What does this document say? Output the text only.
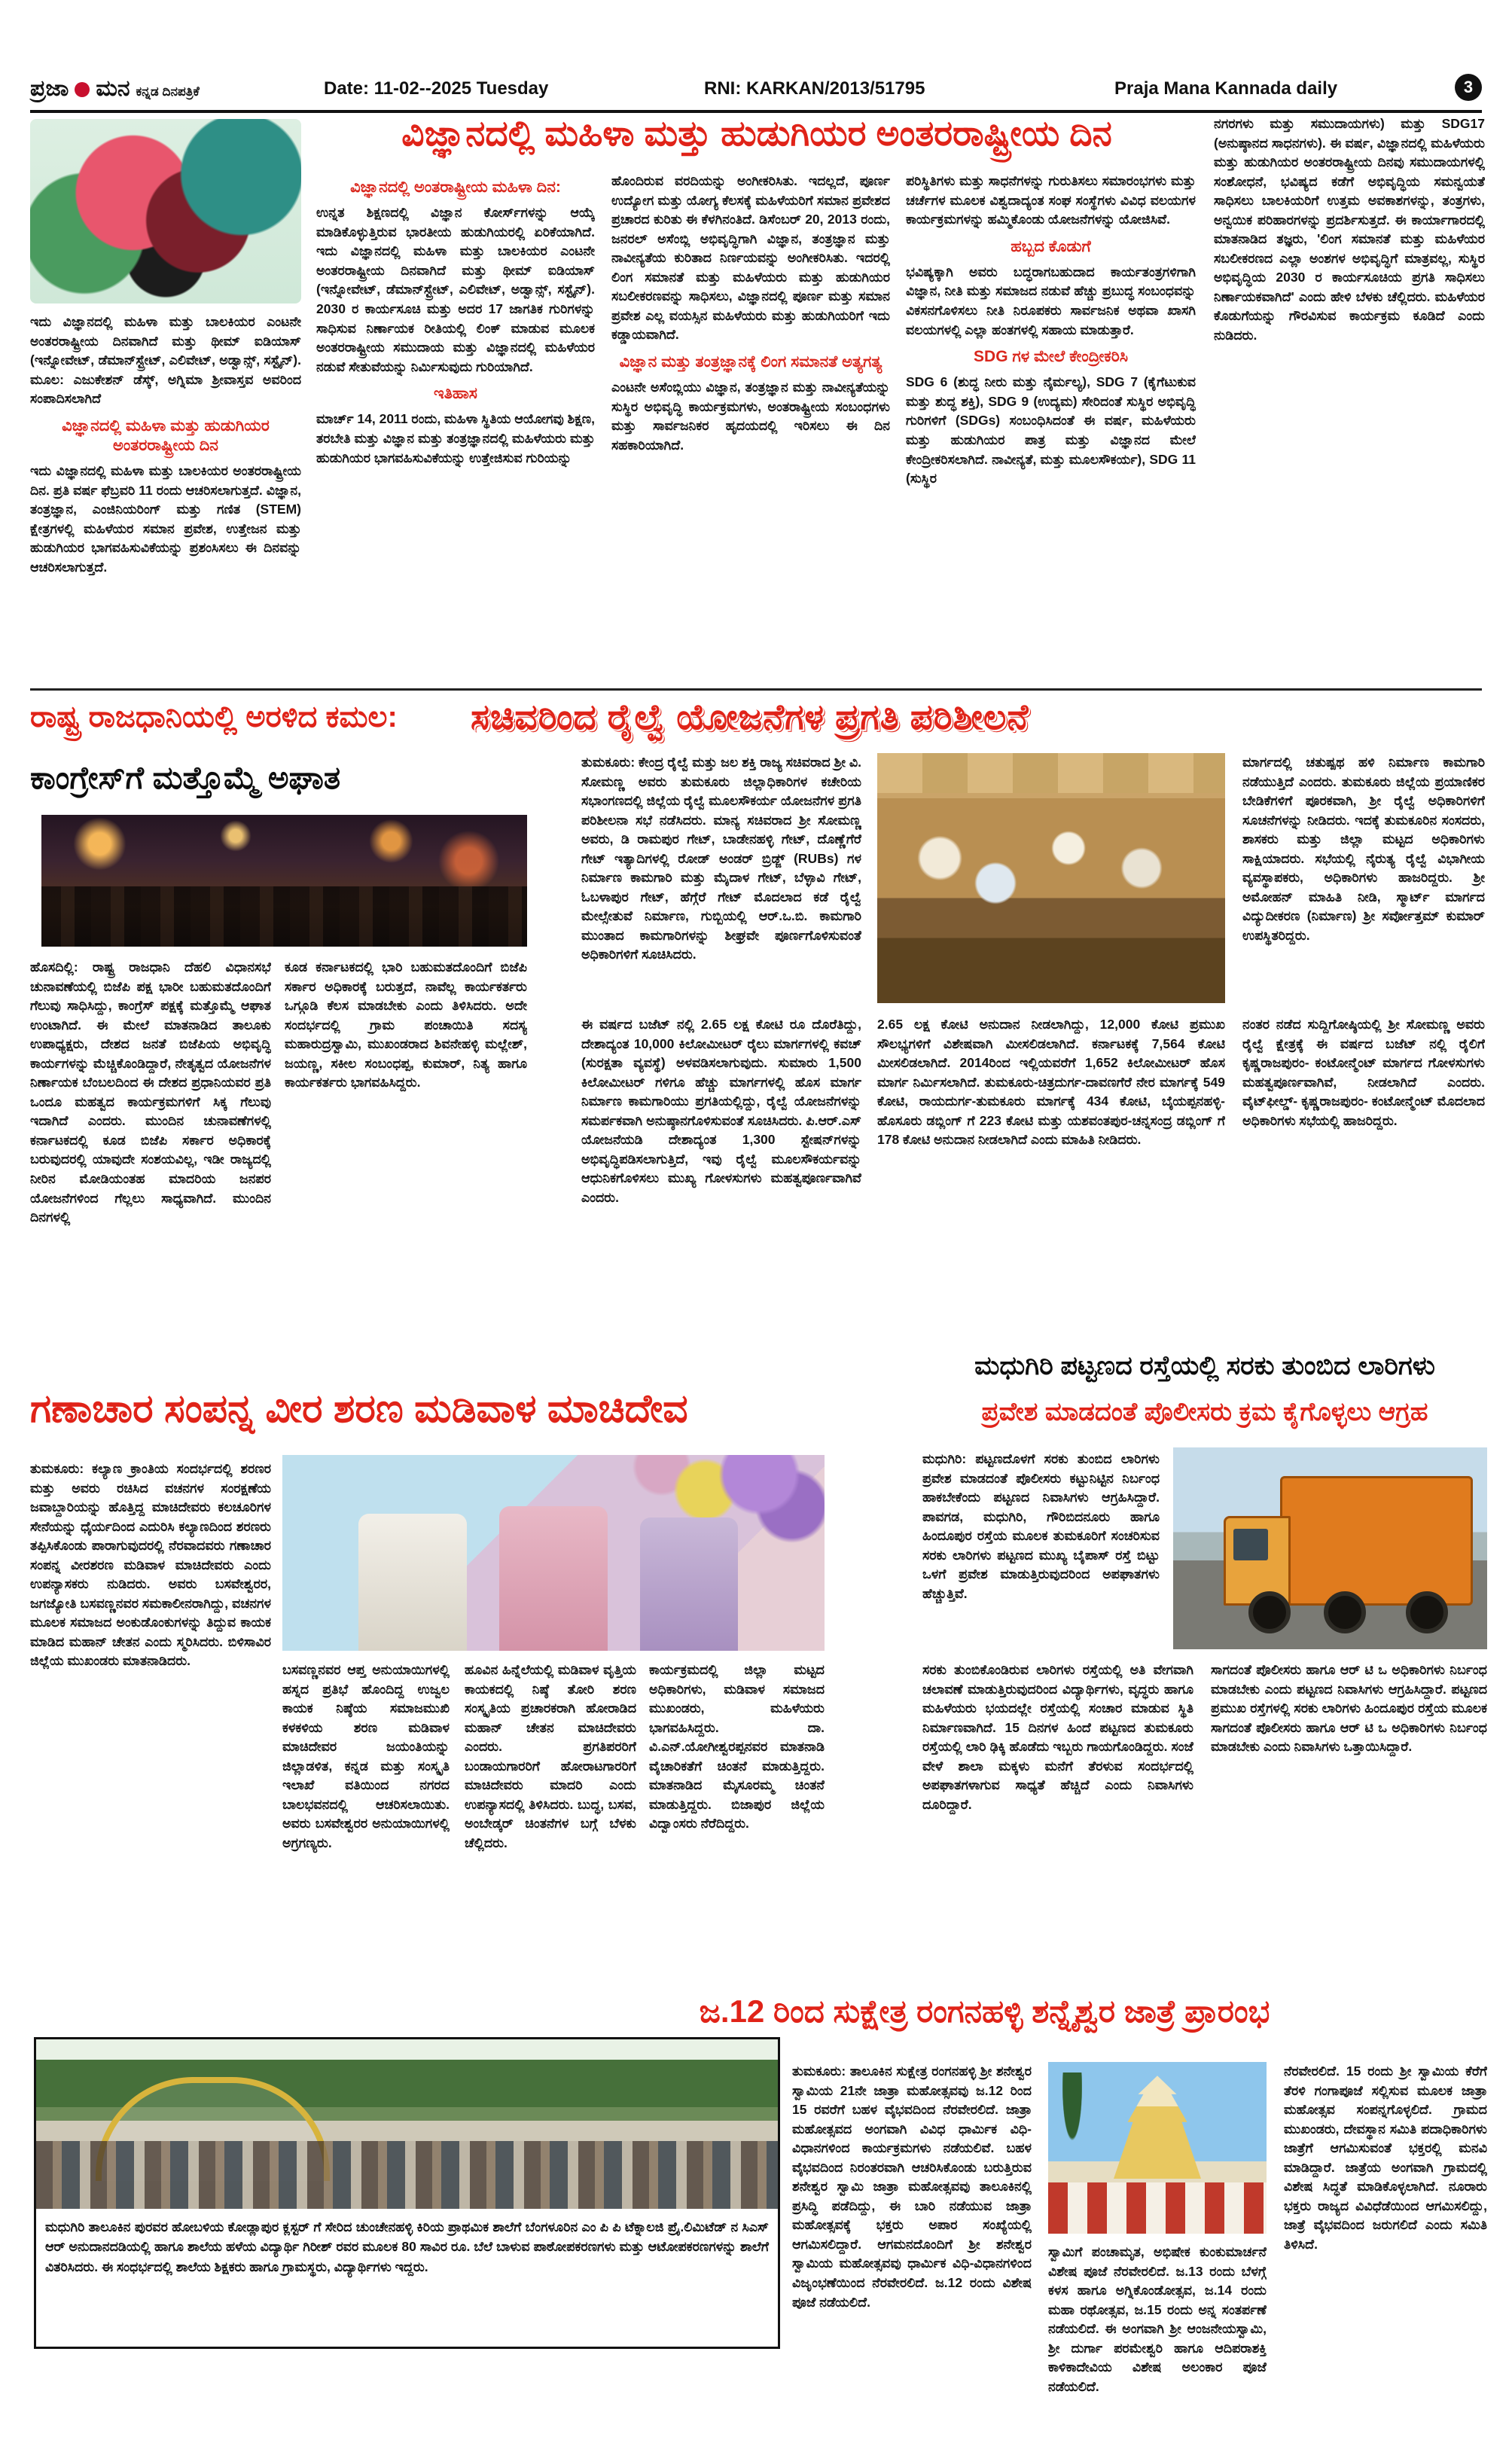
ಪ್ರಜಾ ಮನ ಕನ್ನಡ ದಿನಪತ್ರಿಕೆ	Date: 11-02--2025 Tuesday	RNI: KARKAN/2013/51795	Praja Mana Kannada daily	3
ವಿಜ್ಞಾನದಲ್ಲಿ ಮಹಿಳಾ ಮತ್ತು ಹುಡುಗಿಯರ ಅಂತರರಾಷ್ಟ್ರೀಯ ದಿನ

ಇದು ವಿಜ್ಞಾನದಲ್ಲಿ ಮಹಿಳಾ ಮತ್ತು ಬಾಲಕಿಯರ ಎಂಟನೇ ಅಂತರರಾಷ್ಟ್ರೀಯ ದಿನವಾಗಿದೆ ಮತ್ತು ಥೀಮ್ ಐಡಿಯಾಸ್ (ಇನ್ನೋವೇಟ್, ಡೆಮಾನ್‌ಸ್ಟ್ರೇಟ್, ಎಲಿವೇಟ್, ಅಡ್ವಾನ್ಸ್, ಸಸ್ಟೈನ್). ಮೂಲ: ಎಜುಕೇಶನ್ ಡೆಸ್ಕ್, ಅಗ್ನಿಮಾ ಶ್ರೀವಾಸ್ತವ ಅವರಿಂದ ಸಂಪಾದಿಸಲಾಗಿದೆ

ವಿಜ್ಞಾನದಲ್ಲಿ ಮಹಿಳಾ ಮತ್ತು ಹುಡುಗಿಯರ ಅಂತರರಾಷ್ಟ್ರೀಯ ದಿನ

ಇದು ವಿಜ್ಞಾನದಲ್ಲಿ ಮಹಿಳಾ ಮತ್ತು ಬಾಲಕಿಯರ ಅಂತರರಾಷ್ಟ್ರೀಯ ದಿನ. ಪ್ರತಿ ವರ್ಷ ಫೆಬ್ರವರಿ 11 ರಂದು ಆಚರಿಸಲಾಗುತ್ತದೆ. ವಿಜ್ಞಾನ, ತಂತ್ರಜ್ಞಾನ, ಎಂಜಿನಿಯರಿಂಗ್ ಮತ್ತು ಗಣಿತ (STEM) ಕ್ಷೇತ್ರಗಳಲ್ಲಿ ಮಹಿಳೆಯರ ಸಮಾನ ಪ್ರವೇಶ, ಉತ್ತೇಜನ ಮತ್ತು ಹುಡುಗಿಯರ ಭಾಗವಹಿಸುವಿಕೆಯನ್ನು ಪ್ರಶಂಸಿಸಲು ಈ ದಿನವನ್ನು ಆಚರಿಸಲಾಗುತ್ತದೆ.

ವಿಜ್ಞಾನದಲ್ಲಿ ಅಂತರಾಷ್ಟ್ರೀಯ ಮಹಿಳಾ ದಿನ:

ಉನ್ನತ ಶಿಕ್ಷಣದಲ್ಲಿ ವಿಜ್ಞಾನ ಕೋರ್ಸ್‌ಗಳನ್ನು ಆಯ್ಕೆ ಮಾಡಿಕೊಳ್ಳುತ್ತಿರುವ ಭಾರತೀಯ ಹುಡುಗಿಯರಲ್ಲಿ ಏರಿಕೆಯಾಗಿದೆ. ಇದು ವಿಜ್ಞಾನದಲ್ಲಿ ಮಹಿಳಾ ಮತ್ತು ಬಾಲಕಿಯರ ಎಂಟನೇ ಅಂತರರಾಷ್ಟ್ರೀಯ ದಿನವಾಗಿದೆ ಮತ್ತು ಥೀಮ್ ಐಡಿಯಾಸ್ (ಇನ್ನೋವೇಟ್, ಡೆಮಾನ್‌ಸ್ಟ್ರೇಟ್, ಎಲಿವೇಟ್, ಅಡ್ವಾನ್ಸ್, ಸಸ್ಟೈನ್). 2030 ರ ಕಾರ್ಯಸೂಚಿ ಮತ್ತು ಅದರ 17 ಜಾಗತಿಕ ಗುರಿಗಳನ್ನು ಸಾಧಿಸುವ ನಿರ್ಣಾಯಕ ರೀತಿಯಲ್ಲಿ ಲಿಂಕ್ ಮಾಡುವ ಮೂಲಕ ಅಂತರರಾಷ್ಟ್ರೀಯ ಸಮುದಾಯ ಮತ್ತು ವಿಜ್ಞಾನದಲ್ಲಿ ಮಹಿಳೆಯರ ನಡುವೆ ಸೇತುವೆಯನ್ನು ನಿರ್ಮಿಸುವುದು ಗುರಿಯಾಗಿದೆ.

ಇತಿಹಾಸ

ಮಾರ್ಚ್ 14, 2011 ರಂದು, ಮಹಿಳಾ ಸ್ಥಿತಿಯ ಆಯೋಗವು ಶಿಕ್ಷಣ, ತರಬೇತಿ ಮತ್ತು ವಿಜ್ಞಾನ ಮತ್ತು ತಂತ್ರಜ್ಞಾನದಲ್ಲಿ ಮಹಿಳೆಯರು ಮತ್ತು ಹುಡುಗಿಯರ ಭಾಗವಹಿಸುವಿಕೆಯನ್ನು ಉತ್ತೇಜಿಸುವ ಗುರಿಯನ್ನು

ಹೊಂದಿರುವ ವರದಿಯನ್ನು ಅಂಗೀಕರಿಸಿತು. ಇದಲ್ಲದೆ, ಪೂರ್ಣ ಉದ್ಯೋಗ ಮತ್ತು ಯೋಗ್ಯ ಕೆಲಸಕ್ಕೆ ಮಹಿಳೆಯರಿಗೆ ಸಮಾನ ಪ್ರವೇಶದ ಪ್ರಚಾರದ ಕುರಿತು ಈ ಕೆಳಗಿನಂತಿದೆ. ಡಿಸೆಂಬರ್ 20, 2013 ರಂದು, ಜನರಲ್ ಅಸೆಂಬ್ಲಿ ಅಭಿವೃದ್ಧಿಗಾಗಿ ವಿಜ್ಞಾನ, ತಂತ್ರಜ್ಞಾನ ಮತ್ತು ನಾವೀನ್ಯತೆಯ ಕುರಿತಾದ ನಿರ್ಣಯವನ್ನು ಅಂಗೀಕರಿಸಿತು. ಇದರಲ್ಲಿ ಲಿಂಗ ಸಮಾನತೆ ಮತ್ತು ಮಹಿಳೆಯರು ಮತ್ತು ಹುಡುಗಿಯರ ಸಬಲೀಕರಣವನ್ನು ಸಾಧಿಸಲು, ವಿಜ್ಞಾನದಲ್ಲಿ ಪೂರ್ಣ ಮತ್ತು ಸಮಾನ ಪ್ರವೇಶ ಎಲ್ಲ ವಯಸ್ಸಿನ ಮಹಿಳೆಯರು ಮತ್ತು ಹುಡುಗಿಯರಿಗೆ ಇದು ಕಡ್ಡಾಯವಾಗಿದೆ.

ವಿಜ್ಞಾನ ಮತ್ತು ತಂತ್ರಜ್ಞಾನಕ್ಕೆ ಲಿಂಗ ಸಮಾನತೆ ಅತ್ಯಗತ್ಯ

ಎಂಟನೇ ಅಸೆಂಬ್ಲಿಯು ವಿಜ್ಞಾನ, ತಂತ್ರಜ್ಞಾನ ಮತ್ತು ನಾವೀನ್ಯತೆಯನ್ನು ಸುಸ್ಥಿರ ಅಭಿವೃದ್ಧಿ ಕಾರ್ಯಕ್ರಮಗಳು, ಅಂತರಾಷ್ಟ್ರೀಯ ಸಂಬಂಧಗಳು ಮತ್ತು ಸಾರ್ವಜನಿಕರ ಹೃದಯದಲ್ಲಿ ಇರಿಸಲು ಈ ದಿನ ಸಹಕಾರಿಯಾಗಿದೆ.

ಪರಿಸ್ಥಿತಿಗಳು ಮತ್ತು ಸಾಧನೆಗಳನ್ನು ಗುರುತಿಸಲು ಸಮಾರಂಭಗಳು ಮತ್ತು ಚರ್ಚೆಗಳ ಮೂಲಕ ವಿಶ್ವದಾದ್ಯಂತ ಸಂಘ ಸಂಸ್ಥೆಗಳು ವಿವಿಧ ವಲಯಗಳ ಕಾರ್ಯಕ್ರಮಗಳನ್ನು ಹಮ್ಮಿಕೊಂಡು ಯೋಜನೆಗಳನ್ನು ಯೋಜಿಸಿವೆ.

ಹಬ್ಬದ ಕೊಡುಗೆ

ಭವಿಷ್ಯಕ್ಕಾಗಿ ಅವರು ಬದ್ಧರಾಗಬಹುದಾದ ಕಾರ್ಯತಂತ್ರಗಳಿಗಾಗಿ ವಿಜ್ಞಾನ, ನೀತಿ ಮತ್ತು ಸಮಾಜದ ನಡುವೆ ಹೆಚ್ಚು ಪ್ರಬುದ್ಧ ಸಂಬಂಧವನ್ನು ವಿಕಸನಗೊಳಿಸಲು ನೀತಿ ನಿರೂಪಕರು ಸಾರ್ವಜನಿಕ ಅಥವಾ ಖಾಸಗಿ ವಲಯಗಳಲ್ಲಿ ಎಲ್ಲಾ ಹಂತಗಳಲ್ಲಿ ಸಹಾಯ ಮಾಡುತ್ತಾರೆ.

SDG ಗಳ ಮೇಲೆ ಕೇಂದ್ರೀಕರಿಸಿ

SDG 6 (ಶುದ್ಧ ನೀರು ಮತ್ತು ನೈರ್ಮಲ್ಯ), SDG 7 (ಕೈಗೆಟುಕುವ ಮತ್ತು ಶುದ್ಧ ಶಕ್ತಿ), SDG 9 (ಉದ್ಯಮ) ಸೇರಿದಂತೆ ಸುಸ್ಥಿರ ಅಭಿವೃದ್ಧಿ ಗುರಿಗಳಿಗೆ (SDGs) ಸಂಬಂಧಿಸಿದಂತೆ ಈ ವರ್ಷ, ಮಹಿಳೆಯರು ಮತ್ತು ಹುಡುಗಿಯರ ಪಾತ್ರ ಮತ್ತು ವಿಜ್ಞಾನದ ಮೇಲೆ ಕೇಂದ್ರೀಕರಿಸಲಾಗಿದೆ. ನಾವೀನ್ಯತೆ, ಮತ್ತು ಮೂಲಸೌಕರ್ಯ), SDG 11 (ಸುಸ್ಥಿರ

ನಗರಗಳು ಮತ್ತು ಸಮುದಾಯಗಳು) ಮತ್ತು SDG17 (ಅನುಷ್ಠಾನದ ಸಾಧನಗಳು). ಈ ವರ್ಷ, ವಿಜ್ಞಾನದಲ್ಲಿ ಮಹಿಳೆಯರು ಮತ್ತು ಹುಡುಗಿಯರ ಅಂತರರಾಷ್ಟ್ರೀಯ ದಿನವು ಸಮುದಾಯಗಳಲ್ಲಿ ಸಂಶೋಧನೆ, ಭವಿಷ್ಯದ ಕಡೆಗೆ ಅಭಿವೃದ್ಧಿಯ ಸಮನ್ವಯತೆ ಸಾಧಿಸಲು ಬಾಲಕಿಯರಿಗೆ ಉತ್ತಮ ಅವಕಾಶಗಳನ್ನು, ತಂತ್ರಗಳು, ಅನ್ವಯಿಕ ಪರಿಹಾರಗಳನ್ನು ಪ್ರದರ್ಶಿಸುತ್ತದೆ. ಈ ಕಾರ್ಯಾಗಾರದಲ್ಲಿ ಮಾತನಾಡಿದ ತಜ್ಞರು, 'ಲಿಂಗ ಸಮಾನತೆ ಮತ್ತು ಮಹಿಳೆಯರ ಸಬಲೀಕರಣದ ಎಲ್ಲಾ ಅಂಶಗಳ ಅಭಿವೃದ್ಧಿಗೆ ಮಾತ್ರವಲ್ಲ, ಸುಸ್ಥಿರ ಅಭಿವೃದ್ಧಿಯ 2030 ರ ಕಾರ್ಯಸೂಚಿಯ ಪ್ರಗತಿ ಸಾಧಿಸಲು ನಿರ್ಣಾಯಕವಾಗಿದೆ' ಎಂದು ಹೇಳಿ ಬೆಳಕು ಚೆಲ್ಲಿದರು. ಮಹಿಳೆಯರ ಕೊಡುಗೆಯನ್ನು ಗೌರವಿಸುವ ಕಾರ್ಯಕ್ರಮ ಕೂಡಿದೆ ಎಂದು ನುಡಿದರು.

ರಾಷ್ಟ್ರ ರಾಜಧಾನಿಯಲ್ಲಿ ಅರಳಿದ ಕಮಲ:	ಸಚಿವರಿಂದ ರೈಲ್ವೆ ಯೋಜನೆಗಳ ಪ್ರಗತಿ ಪರಿಶೀಲನೆ
ಕಾಂಗ್ರೇಸ್‌ಗೆ ಮತ್ತೊಮ್ಮೆ ಅಘಾತ

ಹೊಸದಿಲ್ಲಿ: ರಾಷ್ಟ್ರ ರಾಜಧಾನಿ ದೆಹಲಿ ವಿಧಾನಸಭೆ ಚುನಾವಣೆಯಲ್ಲಿ ಬಿಜೆಪಿ ಪಕ್ಷ ಭಾರೀ ಬಹುಮತದೊಂದಿಗೆ ಗೆಲುವು ಸಾಧಿಸಿದ್ದು, ಕಾಂಗ್ರೆಸ್ ಪಕ್ಷಕ್ಕೆ ಮತ್ತೊಮ್ಮೆ ಆಘಾತ ಉಂಟಾಗಿದೆ. ಈ ಮೇಲೆ ಮಾತನಾಡಿದ ತಾಲೂಕು ಉಪಾಧ್ಯಕ್ಷರು, ದೇಶದ ಜನತೆ ಬಿಜೆಪಿಯ ಅಭಿವೃದ್ಧಿ ಕಾರ್ಯಗಳನ್ನು ಮೆಚ್ಚಿಕೊಂಡಿದ್ದಾರೆ, ನೇತೃತ್ವದ ಯೋಜನೆಗಳ ನಿರ್ಣಾಯಕ ಬೆಂಬಲದಿಂದ ಈ ದೇಶದ ಪ್ರಧಾನಿಯವರ ಪ್ರತಿ ಒಂದೂ ಮಹತ್ವದ ಕಾರ್ಯಕ್ರಮಗಳಿಗೆ ಸಿಕ್ಕ ಗೆಲುವು ಇದಾಗಿದೆ ಎಂದರು. ಮುಂದಿನ ಚುನಾವಣೆಗಳಲ್ಲಿ ಕರ್ನಾಟಕದಲ್ಲಿ ಕೂಡ ಬಿಜೆಪಿ ಸರ್ಕಾರ ಅಧಿಕಾರಕ್ಕೆ ಬರುವುದರಲ್ಲಿ ಯಾವುದೇ ಸಂಶಯವಿಲ್ಲ, ಇಡೀ ರಾಜ್ಯದಲ್ಲಿ ನೀರಿನ ಮೋಡಿಯಂತಹ ಮಾದರಿಯ ಜನಪರ ಯೋಜನೆಗಳಿಂದ ಗೆಲ್ಲಲು ಸಾಧ್ಯವಾಗಿದೆ. ಮುಂದಿನ ದಿನಗಳಲ್ಲಿ

ಕೂಡ ಕರ್ನಾಟಕದಲ್ಲಿ ಭಾರಿ ಬಹುಮತದೊಂದಿಗೆ ಬಿಜೆಪಿ ಸರ್ಕಾರ ಅಧಿಕಾರಕ್ಕೆ ಬರುತ್ತದೆ, ನಾವೆಲ್ಲ ಕಾರ್ಯಕರ್ತರು ಒಗ್ಗೂಡಿ ಕೆಲಸ ಮಾಡಬೇಕು ಎಂದು ತಿಳಿಸಿದರು. ಅದೇ ಸಂದರ್ಭದಲ್ಲಿ ಗ್ರಾಮ ಪಂಚಾಯಿತಿ ಸದಸ್ಯ ಮಹಾರುದ್ರಸ್ವಾಮಿ, ಮುಖಂಡರಾದ ಶಿವನೇಹಳ್ಳಿ ಮಲ್ಲೇಶ್, ಜಯಣ್ಣ, ಸಕೀಲ ಸಂಬಂಧಪ್ಪ, ಕುಮಾರ್, ನಿತ್ಯ ಹಾಗೂ ಕಾರ್ಯಕರ್ತರು ಭಾಗವಹಿಸಿದ್ದರು.

ತುಮಕೂರು: ಕೇಂದ್ರ ರೈಲ್ವೆ ಮತ್ತು ಜಲ ಶಕ್ತಿ ರಾಜ್ಯ ಸಚಿವರಾದ ಶ್ರೀ ವಿ. ಸೋಮಣ್ಣ ಅವರು ತುಮಕೂರು ಜಿಲ್ಲಾಧಿಕಾರಿಗಳ ಕಚೇರಿಯ ಸಭಾಂಗಣದಲ್ಲಿ ಜಿಲ್ಲೆಯ ರೈಲ್ವೆ ಮೂಲಸೌಕರ್ಯ ಯೋಜನೆಗಳ ಪ್ರಗತಿ ಪರಿಶೀಲನಾ ಸಭೆ ನಡೆಸಿದರು. ಮಾನ್ಯ ಸಚಿವರಾದ ಶ್ರೀ ಸೋಮಣ್ಣ ಅವರು, ಡಿ ರಾಮಪುರ ಗೇಟ್, ಬಾಡೇನಹಳ್ಳಿ ಗೇಟ್, ದೊಣ್ಣೆಗೆರೆ ಗೇಟ್ ಇತ್ಯಾದಿಗಳಲ್ಲಿ ರೋಡ್ ಅಂಡರ್ ಬ್ರಿಡ್ಜ್ (RUBs) ಗಳ ನಿರ್ಮಾಣ ಕಾಮಗಾರಿ ಮತ್ತು ಮೈದಾಳ ಗೇಟ್, ಬೆಳ್ಳಾವಿ ಗೇಟ್, ಓಬಳಾಪುರ ಗೇಟ್, ಹೆಗ್ಗೆರೆ ಗೇಟ್ ಮೊದಲಾದ ಕಡೆ ರೈಲ್ವೆ ಮೇಲ್ಸೇತುವೆ ನಿರ್ಮಾಣ, ಗುಬ್ಬಿಯಲ್ಲಿ ಆರ್.ಒ.ಬಿ. ಕಾಮಗಾರಿ ಮುಂತಾದ ಕಾಮಗಾರಿಗಳನ್ನು ಶೀಘ್ರವೇ ಪೂರ್ಣಗೊಳಿಸುವಂತೆ ಅಧಿಕಾರಿಗಳಿಗೆ ಸೂಚಿಸಿದರು.

ಮಾರ್ಗದಲ್ಲಿ ಚತುಷ್ಪಥ ಹಳಿ ನಿರ್ಮಾಣ ಕಾಮಗಾರಿ ನಡೆಯುತ್ತಿದೆ ಎಂದರು. ತುಮಕೂರು ಜಿಲ್ಲೆಯ ಪ್ರಯಾಣಿಕರ ಬೇಡಿಕೆಗಳಿಗೆ ಪೂರಕವಾಗಿ, ಶ್ರೀ ರೈಲ್ವೆ ಅಧಿಕಾರಿಗಳಿಗೆ ಸೂಚನೆಗಳನ್ನು ನೀಡಿದರು. ಇದಕ್ಕೆ ತುಮಕೂರಿನ ಸಂಸದರು, ಶಾಸಕರು ಮತ್ತು ಜಿಲ್ಲಾ ಮಟ್ಟದ ಅಧಿಕಾರಿಗಳು ಸಾಕ್ಷಿಯಾದರು. ಸಭೆಯಲ್ಲಿ ನೈರುತ್ಯ ರೈಲ್ವೆ ವಿಭಾಗೀಯ ವ್ಯವಸ್ಥಾಪಕರು, ಅಧಿಕಾರಿಗಳು ಹಾಜರಿದ್ದರು. ಶ್ರೀ ಅಮೋಹನ್ ಮಾಹಿತಿ ನೀಡಿ, ಸ್ಮಾರ್ಟ್ ಮಾರ್ಗದ ವಿದ್ಯುದೀಕರಣ (ನಿರ್ಮಾಣ) ಶ್ರೀ ಸರ್ವೋತ್ತಮ್ ಕುಮಾರ್ ಉಪಸ್ಥಿತರಿದ್ದರು.

ಈ ವರ್ಷದ ಬಜೆಟ್ ನಲ್ಲಿ 2.65 ಲಕ್ಷ ಕೋಟಿ ರೂ ದೊರೆತಿದ್ದು, ದೇಶಾದ್ಯಂತ 10,000 ಕಿಲೋಮೀಟರ್ ರೈಲು ಮಾರ್ಗಗಳಲ್ಲಿ ಕವಚ್ (ಸುರಕ್ಷತಾ ವ್ಯವಸ್ಥೆ) ಅಳವಡಿಸಲಾಗುವುದು. ಸುಮಾರು 1,500 ಕಿಲೋಮೀಟರ್ ಗಳಿಗೂ ಹೆಚ್ಚು ಮಾರ್ಗಗಳಲ್ಲಿ ಹೊಸ ಮಾರ್ಗ ನಿರ್ಮಾಣ ಕಾಮಗಾರಿಯು ಪ್ರಗತಿಯಲ್ಲಿದ್ದು, ರೈಲ್ವೆ ಯೋಜನೆಗಳನ್ನು ಸಮರ್ಪಕವಾಗಿ ಅನುಷ್ಠಾನಗೊಳಿಸುವಂತೆ ಸೂಚಿಸಿದರು. ಪಿ.ಆರ್.ಎಸ್ ಯೋಜನೆಯಡಿ ದೇಶಾದ್ಯಂತ 1,300 ಸ್ಟೇಷನ್‌ಗಳನ್ನು ಅಭಿವೃದ್ಧಿಪಡಿಸಲಾಗುತ್ತಿದೆ, ಇವು ರೈಲ್ವೆ ಮೂಲಸೌಕರ್ಯವನ್ನು ಆಧುನಿಕಗೊಳಿಸಲು ಮುಖ್ಯ ಗೋಳಸುಗಳು ಮಹತ್ವಪೂರ್ಣವಾಗಿವೆ ಎಂದರು.

2.65 ಲಕ್ಷ ಕೋಟಿ ಅನುದಾನ ನೀಡಲಾಗಿದ್ದು, 12,000 ಕೋಟಿ ಪ್ರಮುಖ ಸೌಲಭ್ಯಗಳಿಗೆ ವಿಶೇಷವಾಗಿ ಮೀಸಲಿಡಲಾಗಿದೆ. ಕರ್ನಾಟಕಕ್ಕೆ 7,564 ಕೋಟಿ ಮೀಸಲಿಡಲಾಗಿದೆ. 2014ರಿಂದ ಇಲ್ಲಿಯವರೆಗೆ 1,652 ಕಿಲೋಮೀಟರ್ ಹೊಸ ಮಾರ್ಗ ನಿರ್ಮಿಸಲಾಗಿದೆ. ತುಮಕೂರು-ಚಿತ್ರದುರ್ಗ-ದಾವಣಗೆರೆ ನೇರ ಮಾರ್ಗಕ್ಕೆ 549 ಕೋಟಿ, ರಾಯದುರ್ಗ-ತುಮಕೂರು ಮಾರ್ಗಕ್ಕೆ 434 ಕೋಟಿ, ಬೈಯಪ್ಪನಹಳ್ಳಿ-ಹೊಸೂರು ಡಬ್ಲಿಂಗ್ ಗೆ 223 ಕೋಟಿ ಮತ್ತು ಯಶವಂತಪುರ-ಚನ್ನಸಂದ್ರ ಡಬ್ಲಿಂಗ್ ಗೆ 178 ಕೋಟಿ ಅನುದಾನ ನೀಡಲಾಗಿದೆ ಎಂದು ಮಾಹಿತಿ ನೀಡಿದರು.

ನಂತರ ನಡೆದ ಸುದ್ದಿಗೋಷ್ಠಿಯಲ್ಲಿ ಶ್ರೀ ಸೋಮಣ್ಣ ಅವರು ರೈಲ್ವೆ ಕ್ಷೇತ್ರಕ್ಕೆ ಈ ವರ್ಷದ ಬಜೆಟ್ ನಲ್ಲಿ ರೈಲಿಗೆ ಕೃಷ್ಣರಾಜಪುರಂ- ಕಂಟೋನ್ಮೆಂಟ್ ಮಾರ್ಗದ ಗೋಳಸುಗಳು ಮಹತ್ವಪೂರ್ಣವಾಗಿವೆ, ನೀಡಲಾಗಿದೆ ಎಂದರು. ವೈಟ್‌ಫೀಲ್ಡ್- ಕೃಷ್ಣರಾಜಪುರಂ- ಕಂಟೋನ್ಮೆಂಟ್ ಮೊದಲಾದ ಅಧಿಕಾರಿಗಳು ಸಭೆಯಲ್ಲಿ ಹಾಜರಿದ್ದರು.

ಮಧುಗಿರಿ ಪಟ್ಟಣದ ರಸ್ತೆಯಲ್ಲಿ ಸರಕು ತುಂಬಿದ ಲಾರಿಗಳು
ಪ್ರವೇಶ ಮಾಡದಂತೆ ಪೊಲೀಸರು ಕ್ರಮ ಕೈಗೊಳ್ಳಲು ಆಗ್ರಹ
ಗಣಾಚಾರ ಸಂಪನ್ನ ವೀರ ಶರಣ ಮಡಿವಾಳ ಮಾಚಿದೇವ

ತುಮಕೂರು: ಕಲ್ಯಾಣ ಕ್ರಾಂತಿಯ ಸಂದರ್ಭದಲ್ಲಿ ಶರಣರ ಮತ್ತು ಅವರು ರಚಿಸಿದ ವಚನಗಳ ಸಂರಕ್ಷಣೆಯ ಜವಾಬ್ದಾರಿಯನ್ನು ಹೊತ್ತಿದ್ದ ಮಾಚಿದೇವರು ಕಲಚೂರಿಗಳ ಸೇನೆಯನ್ನು ಧೈರ್ಯದಿಂದ ಎದುರಿಸಿ ಕಲ್ಯಾಣದಿಂದ ಶರಣರು ತಪ್ಪಿಸಿಕೊಂಡು ಪಾರಾಗುವುದರಲ್ಲಿ ನೆರವಾದವರು ಗಣಾಚಾರ ಸಂಪನ್ನ ವೀರಶರಣ ಮಡಿವಾಳ ಮಾಚಿದೇವರು ಎಂದು ಉಪನ್ಯಾಸಕರು ನುಡಿದರು. ಅವರು ಬಸವೇಶ್ವರರ, ಜಗಜ್ಯೋತಿ ಬಸವಣ್ಣನವರ ಸಮಕಾಲೀನರಾಗಿದ್ದು, ವಚನಗಳ ಮೂಲಕ ಸಮಾಜದ ಅಂಕುಡೊಂಕುಗಳನ್ನು ತಿದ್ದುವ ಕಾಯಕ ಮಾಡಿದ ಮಹಾನ್ ಚೇತನ ಎಂದು ಸ್ಮರಿಸಿದರು. ಬಿಳಿಸಾವಿರ ಜಿಲ್ಲೆಯ ಮುಖಂಡರು ಮಾತನಾಡಿದರು.

ಬಸವಣ್ಣನವರ ಆಪ್ತ ಅನುಯಾಯಿಗಳಲ್ಲಿ ಹಸ್ನದ ಪ್ರತಿಭೆ ಹೊಂದಿದ್ದ ಉಜ್ವಲ ಕಾಯಕ ನಿಷ್ಠೆಯ ಸಮಾಜಮುಖಿ ಕಳಕಳಿಯ ಶರಣ ಮಡಿವಾಳ ಮಾಚಿದೇವರ ಜಯಂತಿಯನ್ನು ಜಿಲ್ಲಾಡಳಿತ, ಕನ್ನಡ ಮತ್ತು ಸಂಸ್ಕೃತಿ ಇಲಾಖೆ ವತಿಯಿಂದ ನಗರದ ಬಾಲಭವನದಲ್ಲಿ ಆಚರಿಸಲಾಯಿತು. ಅವರು ಬಸವೇಶ್ವರರ ಅನುಯಾಯಿಗಳಲ್ಲಿ ಅಗ್ರಗಣ್ಯರು.

ಹೂವಿನ ಹಿನ್ನೆಲೆಯಲ್ಲಿ ಮಡಿವಾಳ ವೃತ್ತಿಯ ಕಾಯಕದಲ್ಲಿ ನಿಷ್ಠೆ ತೋರಿ ಶರಣ ಸಂಸ್ಕೃತಿಯ ಪ್ರಚಾರಕರಾಗಿ ಹೋರಾಡಿದ ಮಹಾನ್ ಚೇತನ ಮಾಚಿದೇವರು ಎಂದರು. ಪ್ರಗತಿಪರರಿಗೆ ಬಂಡಾಯಗಾರರಿಗೆ ಹೋರಾಟಗಾರರಿಗೆ ಮಾಚಿದೇವರು ಮಾದರಿ ಎಂದು ಉಪನ್ಯಾಸದಲ್ಲಿ ತಿಳಿಸಿದರು. ಬುದ್ಧ, ಬಸವ, ಅಂಬೇಡ್ಕರ್ ಚಿಂತನೆಗಳ ಬಗ್ಗೆ ಬೆಳಕು ಚೆಲ್ಲಿದರು.

ಕಾರ್ಯಕ್ರಮದಲ್ಲಿ ಜಿಲ್ಲಾ ಮಟ್ಟದ ಅಧಿಕಾರಿಗಳು, ಮಡಿವಾಳ ಸಮಾಜದ ಮುಖಂಡರು, ಮಹಿಳೆಯರು ಭಾಗವಹಿಸಿದ್ದರು. ದಾ. ವಿ.ಎನ್.ಯೋಗೀಶ್ವರಪ್ಪನವರ ಮಾತನಾಡಿ ವೈಚಾರಿಕತೆಗೆ ಚಿಂತನೆ ಮಾಡುತ್ತಿದ್ದರು. ಮಾತನಾಡಿದ ಮೈಸೂರಮ್ಮ ಚಿಂತನೆ ಮಾಡುತ್ತಿದ್ದರು. ಬಿಜಾಪುರ ಜಿಲ್ಲೆಯ ವಿದ್ವಾಂಸರು ನೆರೆದಿದ್ದರು.

ಮಧುಗಿರಿ: ಪಟ್ಟಣದೊಳಗೆ ಸರಕು ತುಂಬಿದ ಲಾರಿಗಳು ಪ್ರವೇಶ ಮಾಡದಂತೆ ಪೊಲೀಸರು ಕಟ್ಟುನಿಟ್ಟಿನ ನಿರ್ಬಂಧ ಹಾಕಬೇಕೆಂದು ಪಟ್ಟಣದ ನಿವಾಸಿಗಳು ಆಗ್ರಹಿಸಿದ್ದಾರೆ. ಪಾವಗಡ, ಮಧುಗಿರಿ, ಗೌರಿಬಿದನೂರು ಹಾಗೂ ಹಿಂದೂಪುರ ರಸ್ತೆಯ ಮೂಲಕ ತುಮಕೂರಿಗೆ ಸಂಚರಿಸುವ ಸರಕು ಲಾರಿಗಳು ಪಟ್ಟಣದ ಮುಖ್ಯ ಬೈಪಾಸ್ ರಸ್ತೆ ಬಿಟ್ಟು ಒಳಗೆ ಪ್ರವೇಶ ಮಾಡುತ್ತಿರುವುದರಿಂದ ಅಪಘಾತಗಳು ಹೆಚ್ಚುತ್ತಿವೆ.

ಸರಕು ತುಂಬಿಕೊಂಡಿರುವ ಲಾರಿಗಳು ರಸ್ತೆಯಲ್ಲಿ ಅತಿ ವೇಗವಾಗಿ ಚಲಾವಣೆ ಮಾಡುತ್ತಿರುವುದರಿಂದ ವಿದ್ಯಾರ್ಥಿಗಳು, ವೃದ್ಧರು ಹಾಗೂ ಮಹಿಳೆಯರು ಭಯದಲ್ಲೇ ರಸ್ತೆಯಲ್ಲಿ ಸಂಚಾರ ಮಾಡುವ ಸ್ಥಿತಿ ನಿರ್ಮಾಣವಾಗಿದೆ. 15 ದಿನಗಳ ಹಿಂದೆ ಪಟ್ಟಣದ ತುಮಕೂರು ರಸ್ತೆಯಲ್ಲಿ ಲಾರಿ ಢಿಕ್ಕಿ ಹೊಡೆದು ಇಬ್ಬರು ಗಾಯಗೊಂಡಿದ್ದರು. ಸಂಜೆ ವೇಳೆ ಶಾಲಾ ಮಕ್ಕಳು ಮನೆಗೆ ತೆರಳುವ ಸಂದರ್ಭದಲ್ಲಿ ಅಪಘಾತಗಳಾಗುವ ಸಾಧ್ಯತೆ ಹೆಚ್ಚಿದೆ ಎಂದು ನಿವಾಸಿಗಳು ದೂರಿದ್ದಾರೆ.

ಸಾಗದಂತೆ ಪೊಲೀಸರು ಹಾಗೂ ಆರ್ ಟಿ ಒ ಅಧಿಕಾರಿಗಳು ನಿರ್ಬಂಧ ಮಾಡಬೇಕು ಎಂದು ಪಟ್ಟಣದ ನಿವಾಸಿಗಳು ಆಗ್ರಹಿಸಿದ್ದಾರೆ. ಪಟ್ಟಣದ ಪ್ರಮುಖ ರಸ್ತೆಗಳಲ್ಲಿ ಸರಕು ಲಾರಿಗಳು ಹಿಂದೂಪುರ ರಸ್ತೆಯ ಮೂಲಕ ಸಾಗದಂತೆ ಪೊಲೀಸರು ಹಾಗೂ ಆರ್ ಟಿ ಒ ಅಧಿಕಾರಿಗಳು ನಿರ್ಬಂಧ ಮಾಡಬೇಕು ಎಂದು ನಿವಾಸಿಗಳು ಒತ್ತಾಯಿಸಿದ್ದಾರೆ.

ಜ.12 ರಿಂದ ಸುಕ್ಷೇತ್ರ ರಂಗನಹಳ್ಳಿ ಶನ್ನೈಶ್ವರ ಜಾತ್ರೆ ಪ್ರಾರಂಭ
ಮಧುಗಿರಿ ತಾಲೂಕಿನ ಪುರವರ ಹೋಬಳಿಯ ಕೋಡ್ಲಾಪುರ ಕ್ಲಸ್ಟರ್ ಗೆ ಸೇರಿದ ಚುಂಚೇನಹಳ್ಳಿ ಕಿರಿಯ ಪ್ರಾಥಮಿಕ ಶಾಲೆಗೆ ಬೆಂಗಳೂರಿನ ಎಂ ಪಿ ಪಿ ಟೆಕ್ನಾಲಜಿ ಪ್ರೈ.ಲಿಮಿಟೆಡ್ ನ ಸಿಎಸ್ ಆರ್ ಅನುದಾನದಡಿಯಲ್ಲಿ ಹಾಗೂ ಶಾಲೆಯ ಹಳೆಯ ವಿದ್ಯಾರ್ಥಿ ಗಿರೀಶ್ ರವರ ಮೂಲಕ 80 ಸಾವಿರ ರೂ. ಬೆಲೆ ಬಾಳುವ ಪಾಠೋಪಕರಣಗಳು ಮತ್ತು ಆಟೋಪಕರಣಗಳನ್ನು ಶಾಲೆಗೆ ವಿತರಿಸಿದರು. ಈ ಸಂಧರ್ಭದಲ್ಲಿ ಶಾಲೆಯ ಶಿಕ್ಷಕರು ಹಾಗೂ ಗ್ರಾಮಸ್ಥರು, ವಿದ್ಯಾರ್ಥಿಗಳು ಇದ್ದರು.

ತುಮಕೂರು: ತಾಲೂಕಿನ ಸುಕ್ಷೇತ್ರ ರಂಗನಹಳ್ಳಿ ಶ್ರೀ ಶನೇಶ್ವರ ಸ್ವಾಮಿಯ 21ನೇ ಜಾತ್ರಾ ಮಹೋತ್ಸವವು ಜ.12 ರಿಂದ 15 ರವರೆಗೆ ಬಹಳ ವೈಭವದಿಂದ ನೆರವೇರಲಿದೆ. ಜಾತ್ರಾ ಮಹೋತ್ಸವದ ಅಂಗವಾಗಿ ವಿವಿಧ ಧಾರ್ಮಿಕ ವಿಧಿ-ವಿಧಾನಗಳಿಂದ ಕಾರ್ಯಕ್ರಮಗಳು ನಡೆಯಲಿವೆ. ಬಹಳ ವೈಭವದಿಂದ ನಿರಂತರವಾಗಿ ಆಚರಿಸಿಕೊಂಡು ಬರುತ್ತಿರುವ ಶನೇಶ್ವರ ಸ್ವಾಮಿ ಜಾತ್ರಾ ಮಹೋತ್ಸವವು ತಾಲೂಕಿನಲ್ಲಿ ಪ್ರಸಿದ್ಧಿ ಪಡೆದಿದ್ದು, ಈ ಬಾರಿ ನಡೆಯುವ ಜಾತ್ರಾ ಮಹೋತ್ಸವಕ್ಕೆ ಭಕ್ತರು ಅಪಾರ ಸಂಖ್ಯೆಯಲ್ಲಿ ಆಗಮಿಸಲಿದ್ದಾರೆ. ಆಗಮನದೊಂದಿಗೆ ಶ್ರೀ ಶನೇಶ್ವರ ಸ್ವಾಮಿಯ ಮಹೋತ್ಸವವು ಧಾರ್ಮಿಕ ವಿಧಿ-ವಿಧಾನಗಳಿಂದ ವಿಜೃಂಭಣೆಯಿಂದ ನೆರವೇರಲಿದೆ. ಜ.12 ರಂದು ವಿಶೇಷ ಪೂಜೆ ನಡೆಯಲಿದೆ.

ಸ್ವಾಮಿಗೆ ಪಂಚಾಮೃತ, ಅಭಿಷೇಕ ಕುಂಕುಮಾರ್ಚನೆ ವಿಶೇಷ ಪೂಜೆ ನೆರವೇರಲಿದೆ. ಜ.13 ರಂದು ಬೆಳಗ್ಗೆ ಕಳಸ ಹಾಗೂ ಅಗ್ನಿಕೊಂಡೋತ್ಸವ, ಜ.14 ರಂದು ಮಹಾ ರಥೋತ್ಸವ, ಜ.15 ರಂದು ಅನ್ನ ಸಂತರ್ಪಣೆ ನಡೆಯಲಿದೆ. ಈ ಅಂಗವಾಗಿ ಶ್ರೀ ಆಂಜನೇಯಸ್ವಾಮಿ, ಶ್ರೀ ದುರ್ಗಾ ಪರಮೇಶ್ವರಿ ಹಾಗೂ ಆದಿಪರಾಶಕ್ತಿ ಕಾಳಿಕಾದೇವಿಯ ವಿಶೇಷ ಅಲಂಕಾರ ಪೂಜೆ ನಡೆಯಲಿದೆ.

ನೆರವೇರಲಿದೆ. 15 ರಂದು ಶ್ರೀ ಸ್ವಾಮಿಯ ಕೆರೆಗೆ ತೆರಳಿ ಗಂಗಾಪೂಜೆ ಸಲ್ಲಿಸುವ ಮೂಲಕ ಜಾತ್ರಾ ಮಹೋತ್ಸವ ಸಂಪನ್ನಗೊಳ್ಳಲಿದೆ. ಗ್ರಾಮದ ಮುಖಂಡರು, ದೇವಸ್ಥಾನ ಸಮಿತಿ ಪದಾಧಿಕಾರಿಗಳು ಜಾತ್ರೆಗೆ ಆಗಮಿಸುವಂತೆ ಭಕ್ತರಲ್ಲಿ ಮನವಿ ಮಾಡಿದ್ದಾರೆ. ಜಾತ್ರೆಯ ಅಂಗವಾಗಿ ಗ್ರಾಮದಲ್ಲಿ ವಿಶೇಷ ಸಿದ್ಧತೆ ಮಾಡಿಕೊಳ್ಳಲಾಗಿದೆ. ನೂರಾರು ಭಕ್ತರು ರಾಜ್ಯದ ವಿವಿಧೆಡೆಯಿಂದ ಆಗಮಿಸಲಿದ್ದು, ಜಾತ್ರೆ ವೈಭವದಿಂದ ಜರುಗಲಿದೆ ಎಂದು ಸಮಿತಿ ತಿಳಿಸಿದೆ.
